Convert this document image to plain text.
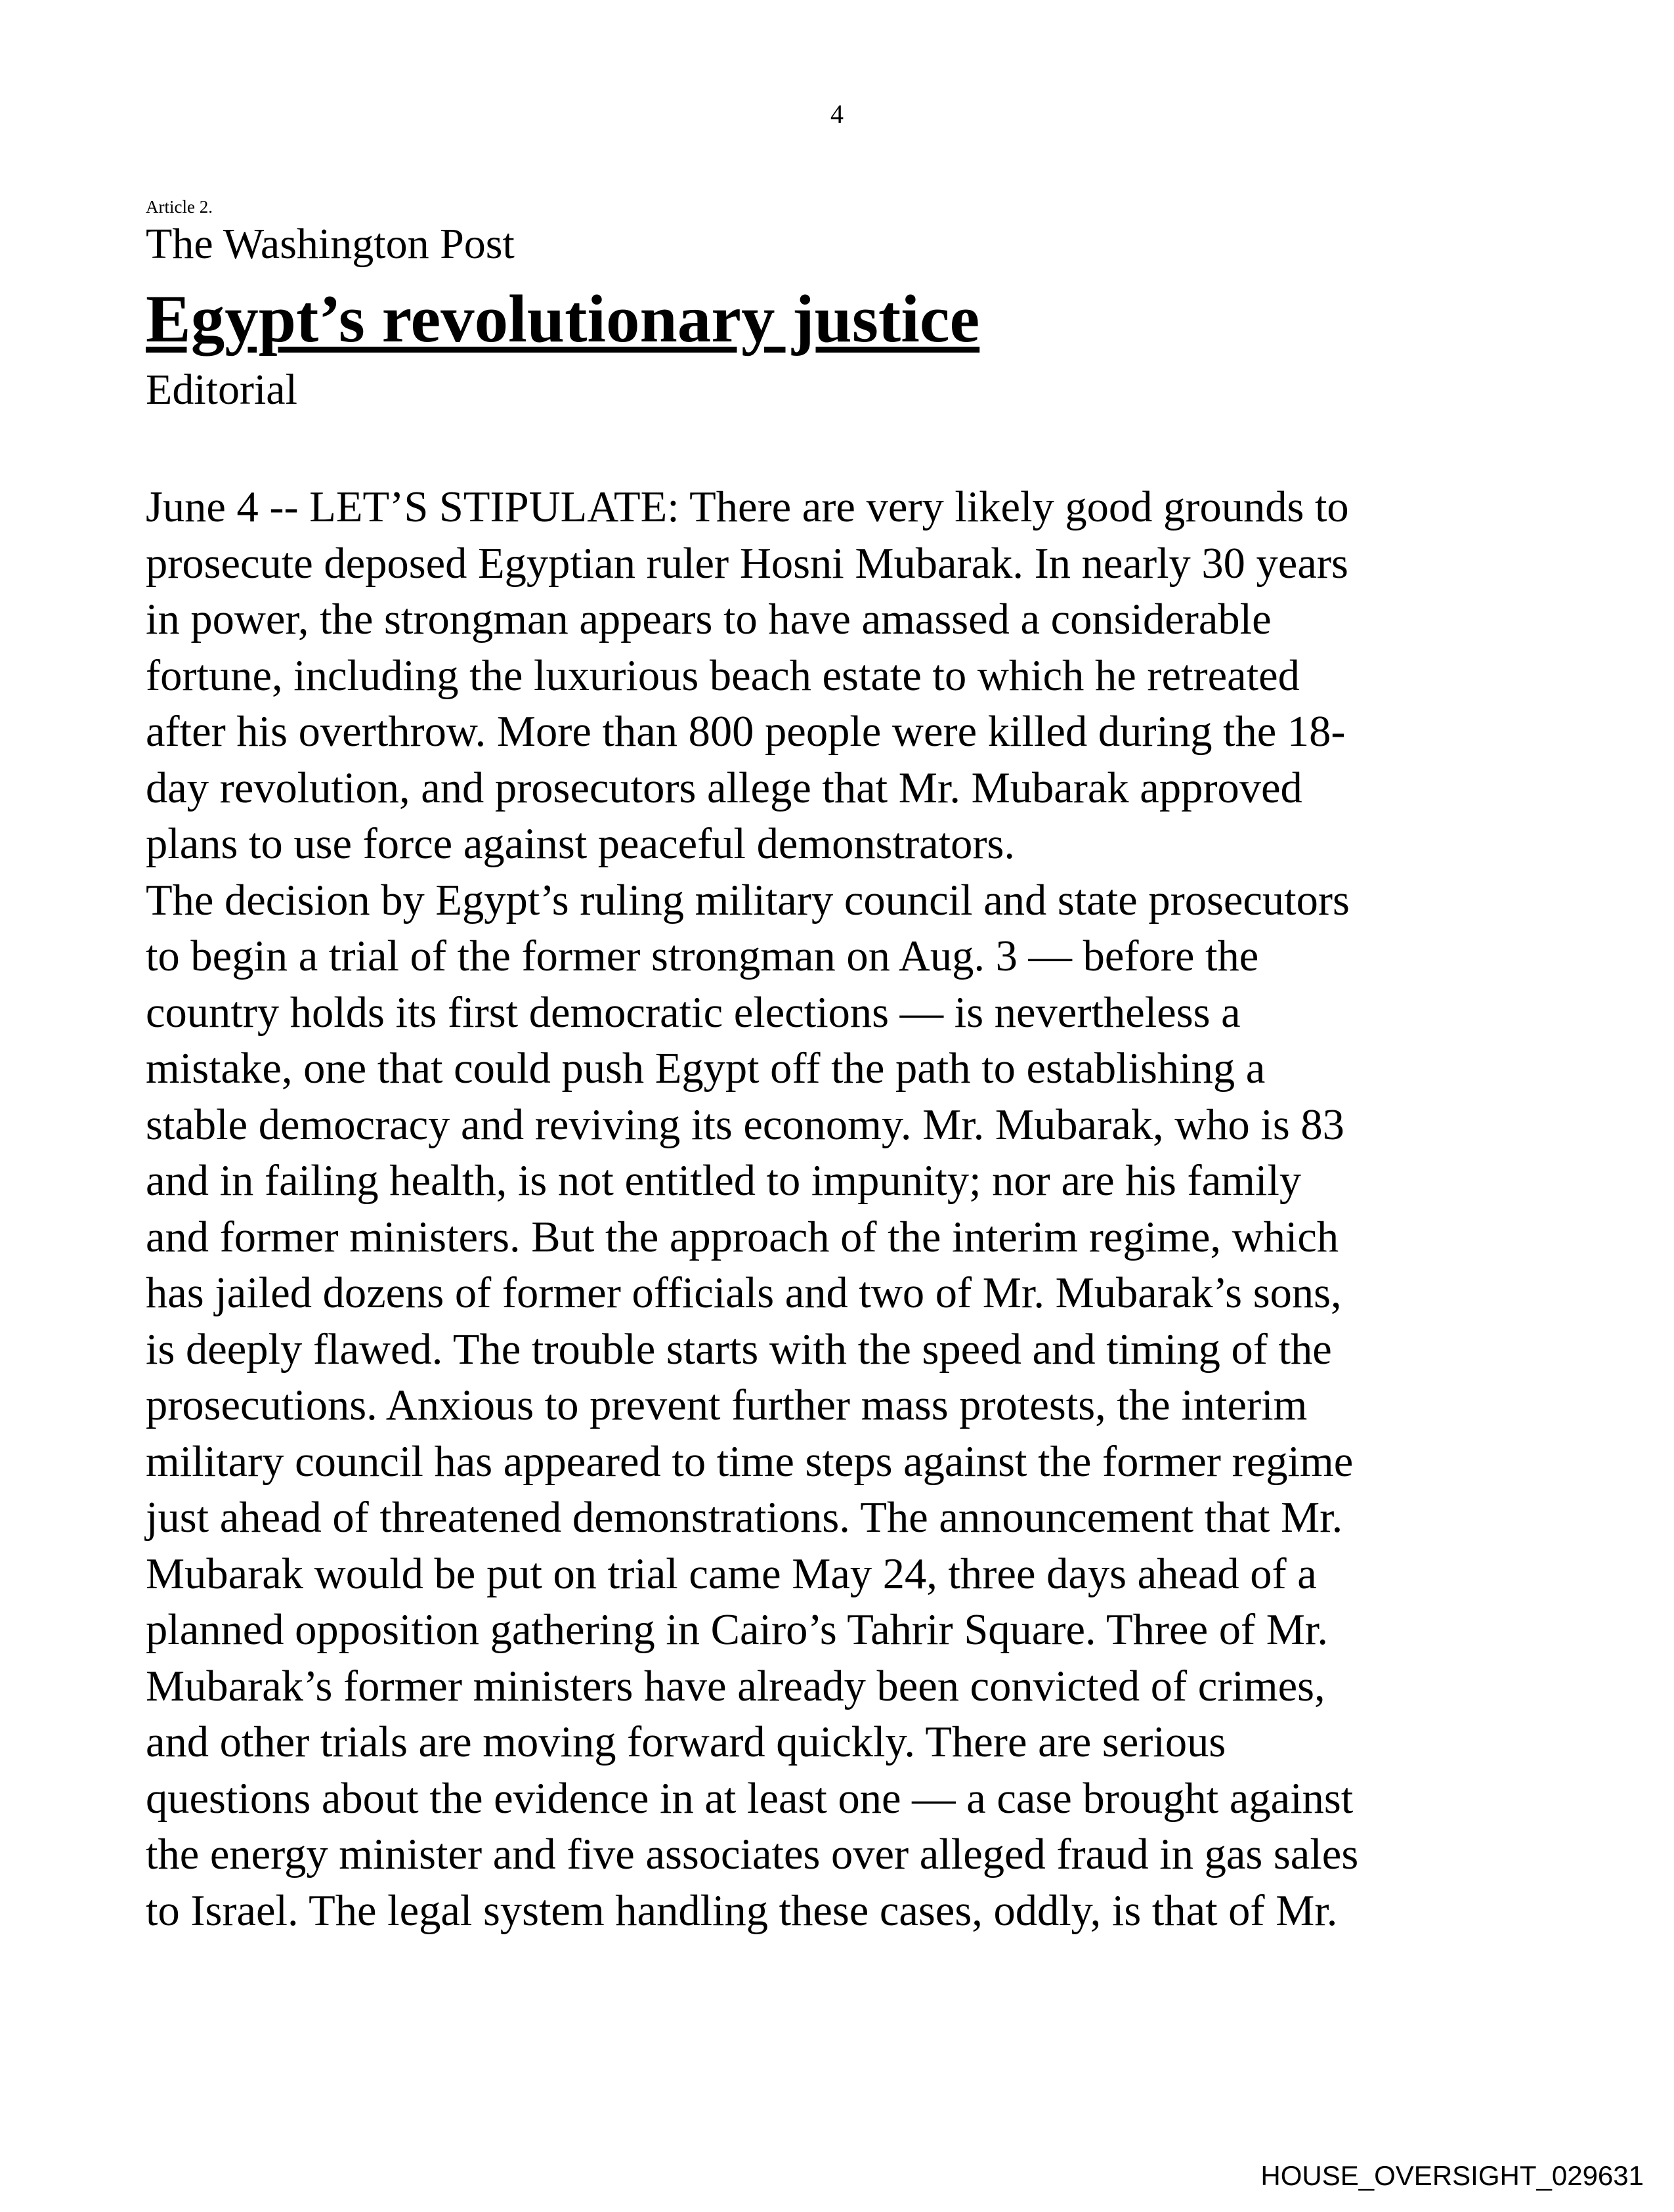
4
Article 2.
The Washington Post
Egypt’s revolutionary justice
Editorial
June 4 -- LET’S STIPULATE: There are very likely good grounds to
prosecute deposed Egyptian ruler Hosni Mubarak. In nearly 30 years
in power, the strongman appears to have amassed a considerable
fortune, including the luxurious beach estate to which he retreated
after his overthrow. More than 800 people were killed during the 18-
day revolution, and prosecutors allege that Mr. Mubarak approved
plans to use force against peaceful demonstrators.
The decision by Egypt’s ruling military council and state prosecutors
to begin a trial of the former strongman on Aug. 3 — before the
country holds its first democratic elections — is nevertheless a
mistake, one that could push Egypt off the path to establishing a
stable democracy and reviving its economy. Mr. Mubarak, who is 83
and in failing health, is not entitled to impunity; nor are his family
and former ministers. But the approach of the interim regime, which
has jailed dozens of former officials and two of Mr. Mubarak’s sons,
is deeply flawed. The trouble starts with the speed and timing of the
prosecutions. Anxious to prevent further mass protests, the interim
military council has appeared to time steps against the former regime
just ahead of threatened demonstrations. The announcement that Mr.
Mubarak would be put on trial came May 24, three days ahead of a
planned opposition gathering in Cairo’s Tahrir Square. Three of Mr.
Mubarak’s former ministers have already been convicted of crimes,
and other trials are moving forward quickly. There are serious
questions about the evidence in at least one — a case brought against
the energy minister and five associates over alleged fraud in gas sales
to Israel. The legal system handling these cases, oddly, is that of Mr.
HOUSE_OVERSIGHT_029631
